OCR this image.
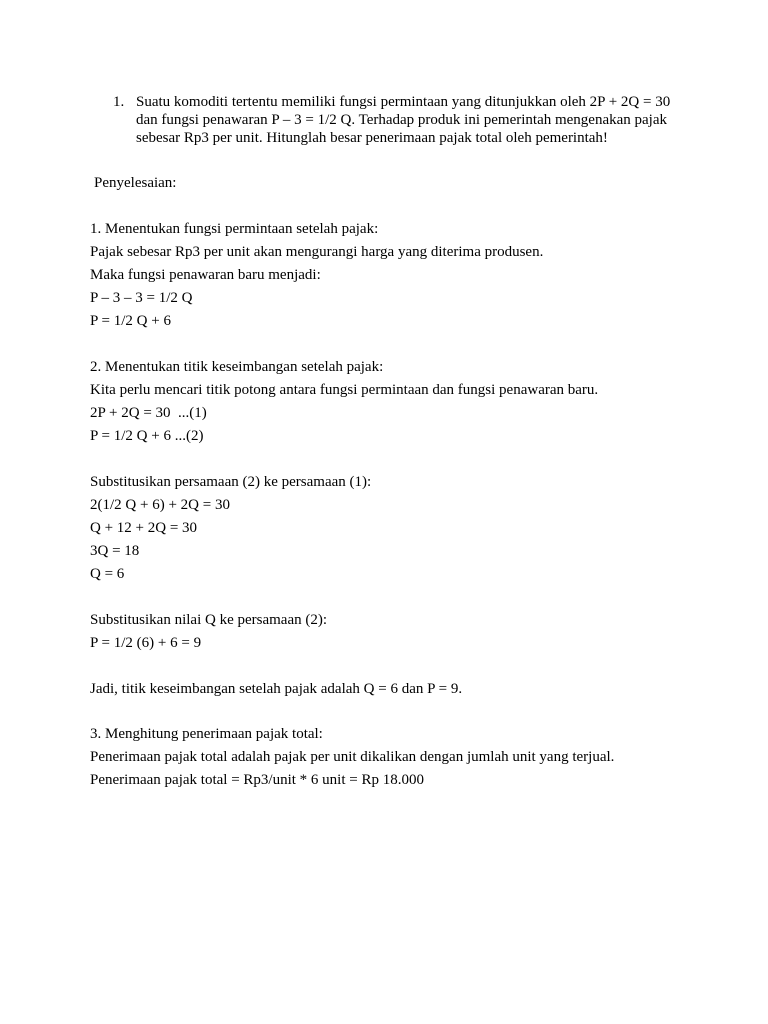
1. Suatu komoditi tertentu memiliki fungsi permintaan yang ditunjukkan oleh 2P + 2Q = 30
dan fungsi penawaran P – 3 = 1/2 Q. Terhadap produk ini pemerintah mengenakan pajak
sebesar Rp3 per unit. Hitunglah besar penerimaan pajak total oleh pemerintah!
Penyelesaian:
1. Menentukan fungsi permintaan setelah pajak:
Pajak sebesar Rp3 per unit akan mengurangi harga yang diterima produsen.
Maka fungsi penawaran baru menjadi:
P – 3 – 3 = 1/2 Q
P = 1/2 Q + 6
2. Menentukan titik keseimbangan setelah pajak:
Kita perlu mencari titik potong antara fungsi permintaan dan fungsi penawaran baru.
2P + 2Q = 30  ...(1)
P = 1/2 Q + 6 ...(2)
Substitusikan persamaan (2) ke persamaan (1):
2(1/2 Q + 6) + 2Q = 30
Q + 12 + 2Q = 30
3Q = 18
Q = 6
Substitusikan nilai Q ke persamaan (2):
P = 1/2 (6) + 6 = 9
Jadi, titik keseimbangan setelah pajak adalah Q = 6 dan P = 9.
3. Menghitung penerimaan pajak total:
Penerimaan pajak total adalah pajak per unit dikalikan dengan jumlah unit yang terjual.
Penerimaan pajak total = Rp3/unit * 6 unit = Rp 18.000
